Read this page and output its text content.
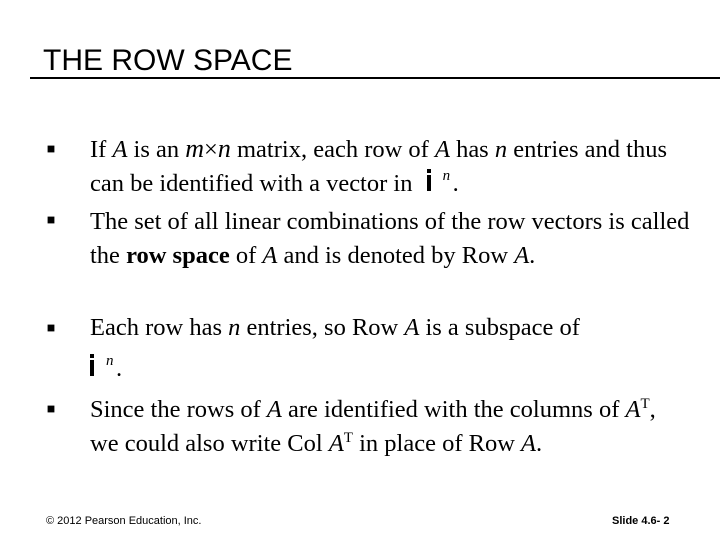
THE ROW SPACE
If A is an m×n matrix, each row of A has n entries and thus can be identified with a vector in n .
The set of all linear combinations of the row vectors is called the row space of A and is denoted by Row A.
Each row has n entries, so Row A is a subspace of
n .
Since the rows of A are identified with the columns of $A^T$, we could also write Col $A^T$ in place of Row A.
© 2012 Pearson Education, Inc.	Slide 4.6- 2
